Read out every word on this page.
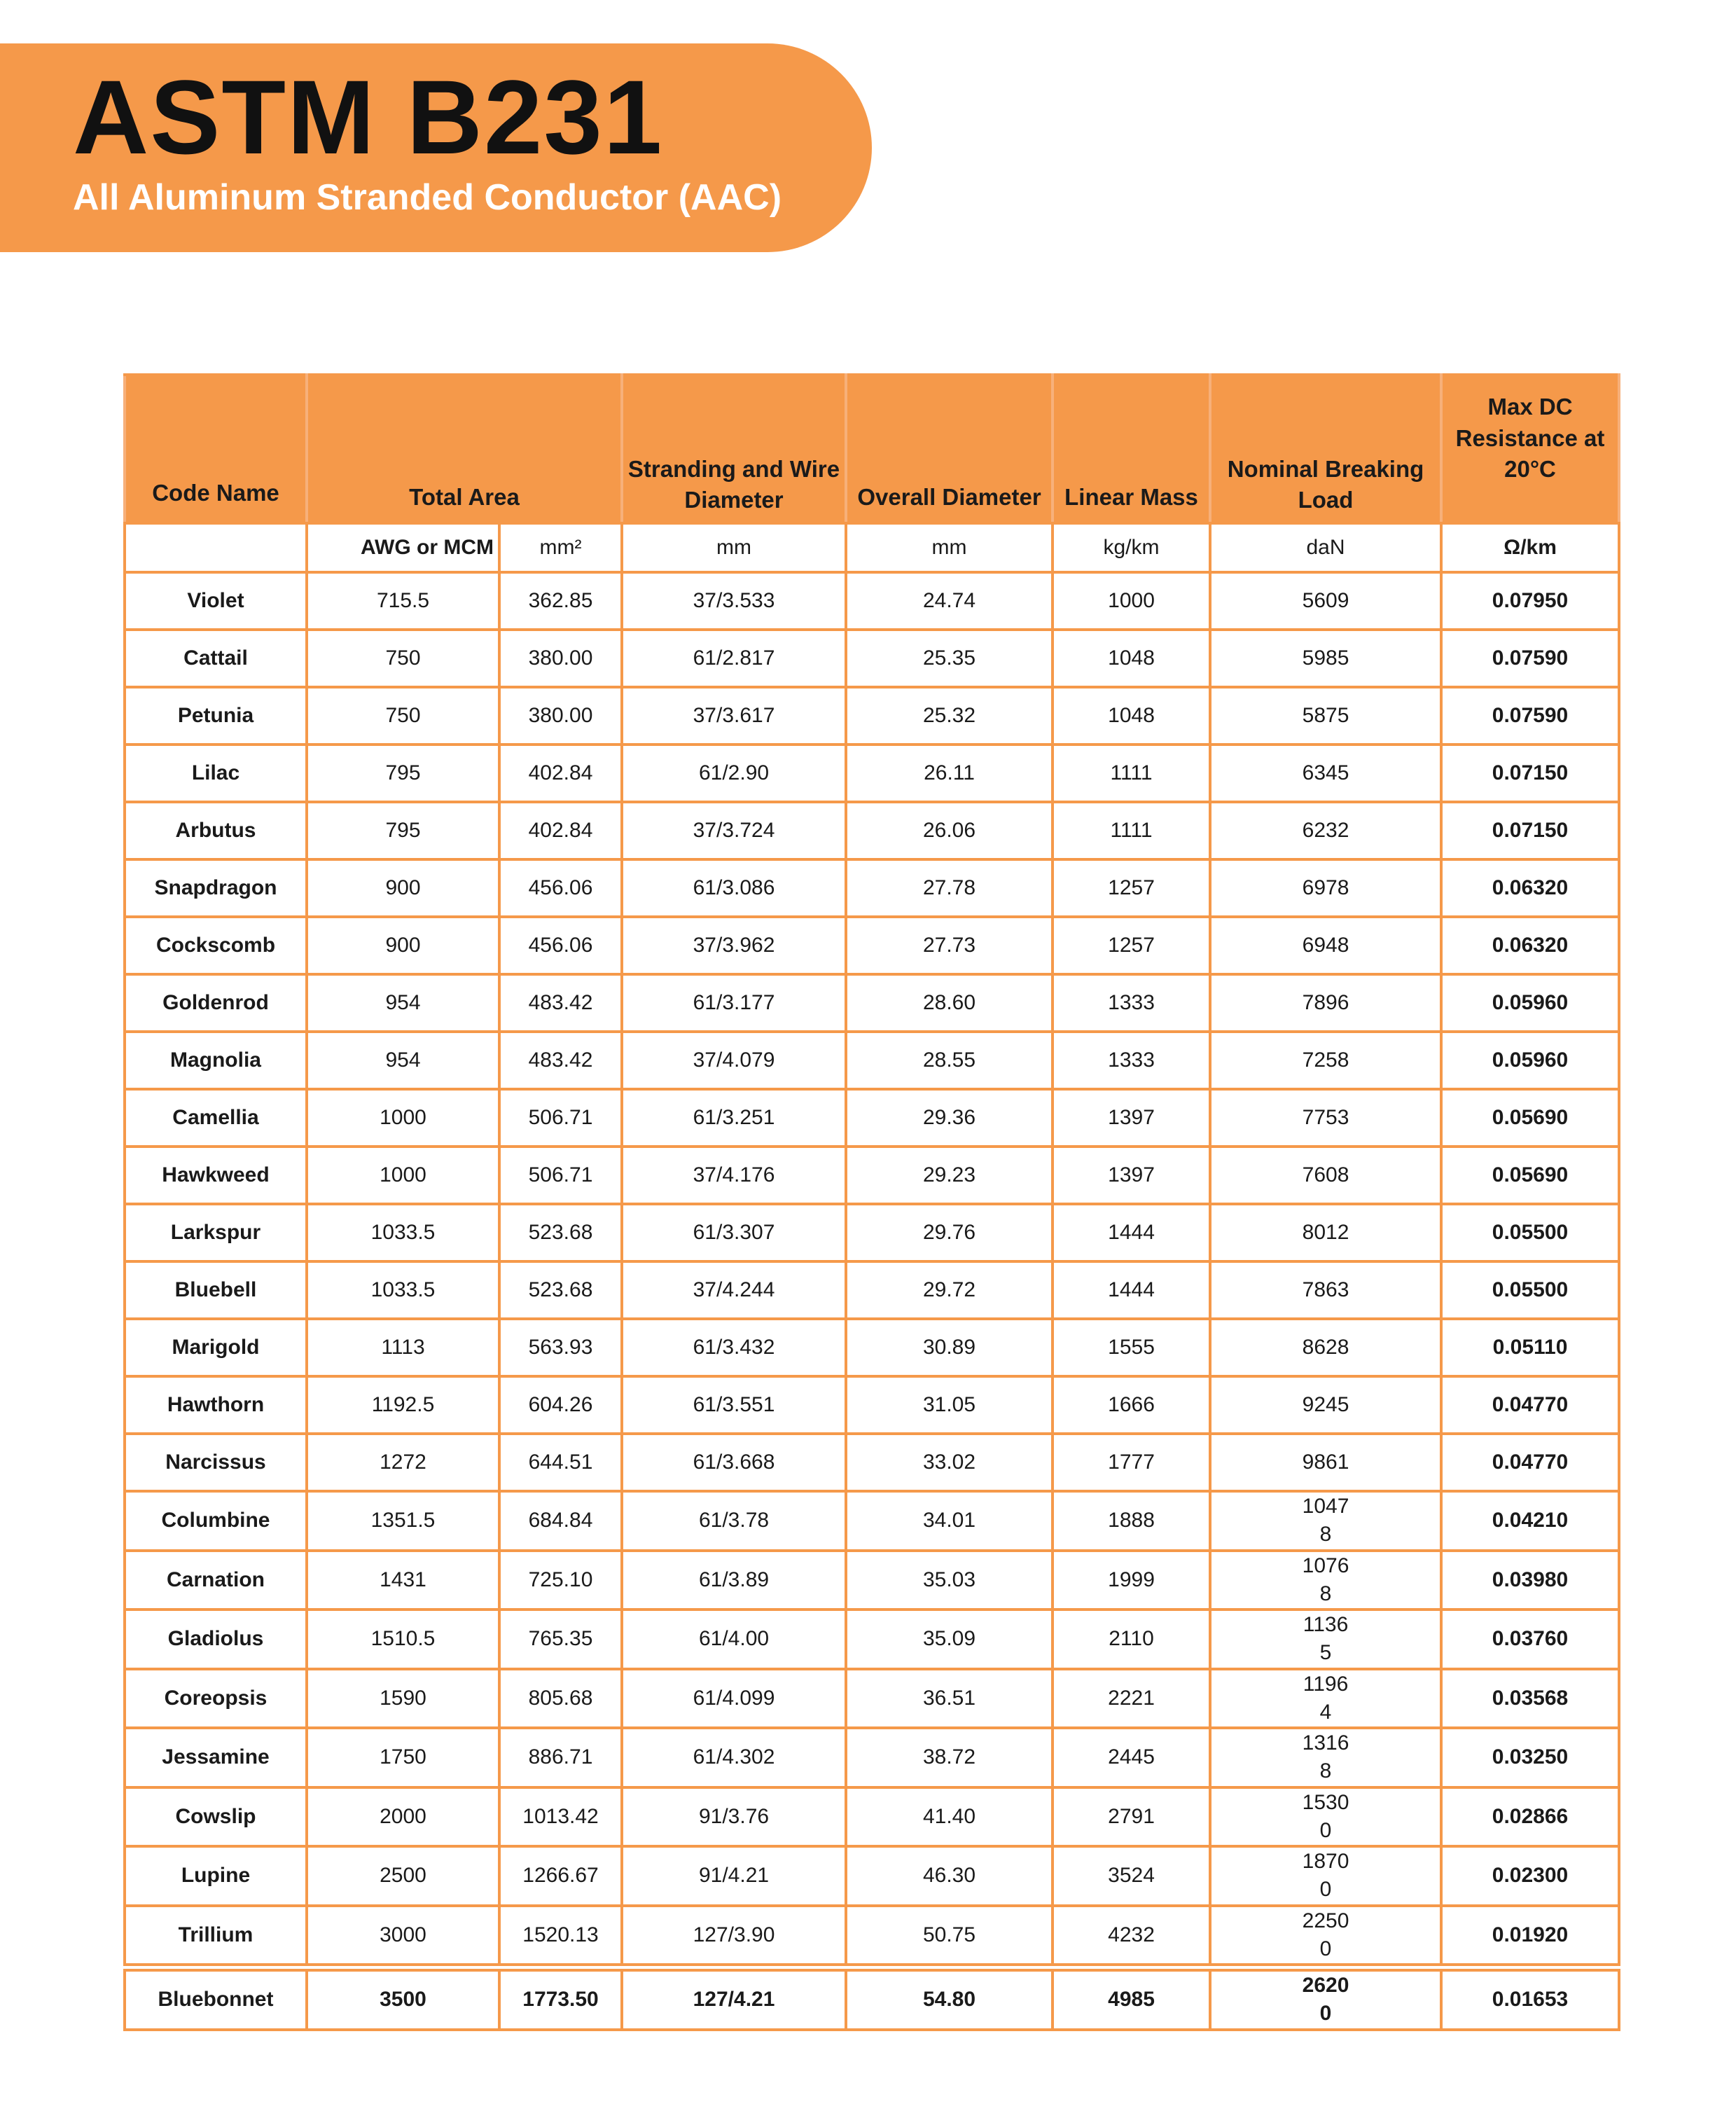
ASTM B231
All Aluminum Stranded Conductor (AAC)
Code Name	Total Area		Stranding and Wire Diameter	Overall Diameter	Linear Mass	Nominal Breaking Load	Max DC Resistance at 20°C
	AWG or MCM	mm²	mm	mm	kg/km	daN	Ω/km
Violet	715.5	362.85	37/3.533	24.74	1000	5609	0.07950
Cattail	750	380.00	61/2.817	25.35	1048	5985	0.07590
Petunia	750	380.00	37/3.617	25.32	1048	5875	0.07590
Lilac	795	402.84	61/2.90	26.11	1111	6345	0.07150
Arbutus	795	402.84	37/3.724	26.06	1111	6232	0.07150
Snapdragon	900	456.06	61/3.086	27.78	1257	6978	0.06320
Cockscomb	900	456.06	37/3.962	27.73	1257	6948	0.06320
Goldenrod	954	483.42	61/3.177	28.60	1333	7896	0.05960
Magnolia	954	483.42	37/4.079	28.55	1333	7258	0.05960
Camellia	1000	506.71	61/3.251	29.36	1397	7753	0.05690
Hawkweed	1000	506.71	37/4.176	29.23	1397	7608	0.05690
Larkspur	1033.5	523.68	61/3.307	29.76	1444	8012	0.05500
Bluebell	1033.5	523.68	37/4.244	29.72	1444	7863	0.05500
Marigold	1113	563.93	61/3.432	30.89	1555	8628	0.05110
Hawthorn	1192.5	604.26	61/3.551	31.05	1666	9245	0.04770
Narcissus	1272	644.51	61/3.668	33.02	1777	9861	0.04770
Columbine	1351.5	684.84	61/3.78	34.01	1888	10478	0.04210
Carnation	1431	725.10	61/3.89	35.03	1999	10768	0.03980
Gladiolus	1510.5	765.35	61/4.00	35.09	2110	11365	0.03760
Coreopsis	1590	805.68	61/4.099	36.51	2221	11964	0.03568
Jessamine	1750	886.71	61/4.302	38.72	2445	13168	0.03250
Cowslip	2000	1013.42	91/3.76	41.40	2791	15300	0.02866
Lupine	2500	1266.67	91/4.21	46.30	3524	18700	0.02300
Trillium	3000	1520.13	127/3.90	50.75	4232	22500	0.01920
Bluebonnet	3500	1773.50	127/4.21	54.80	4985	26200	0.01653
